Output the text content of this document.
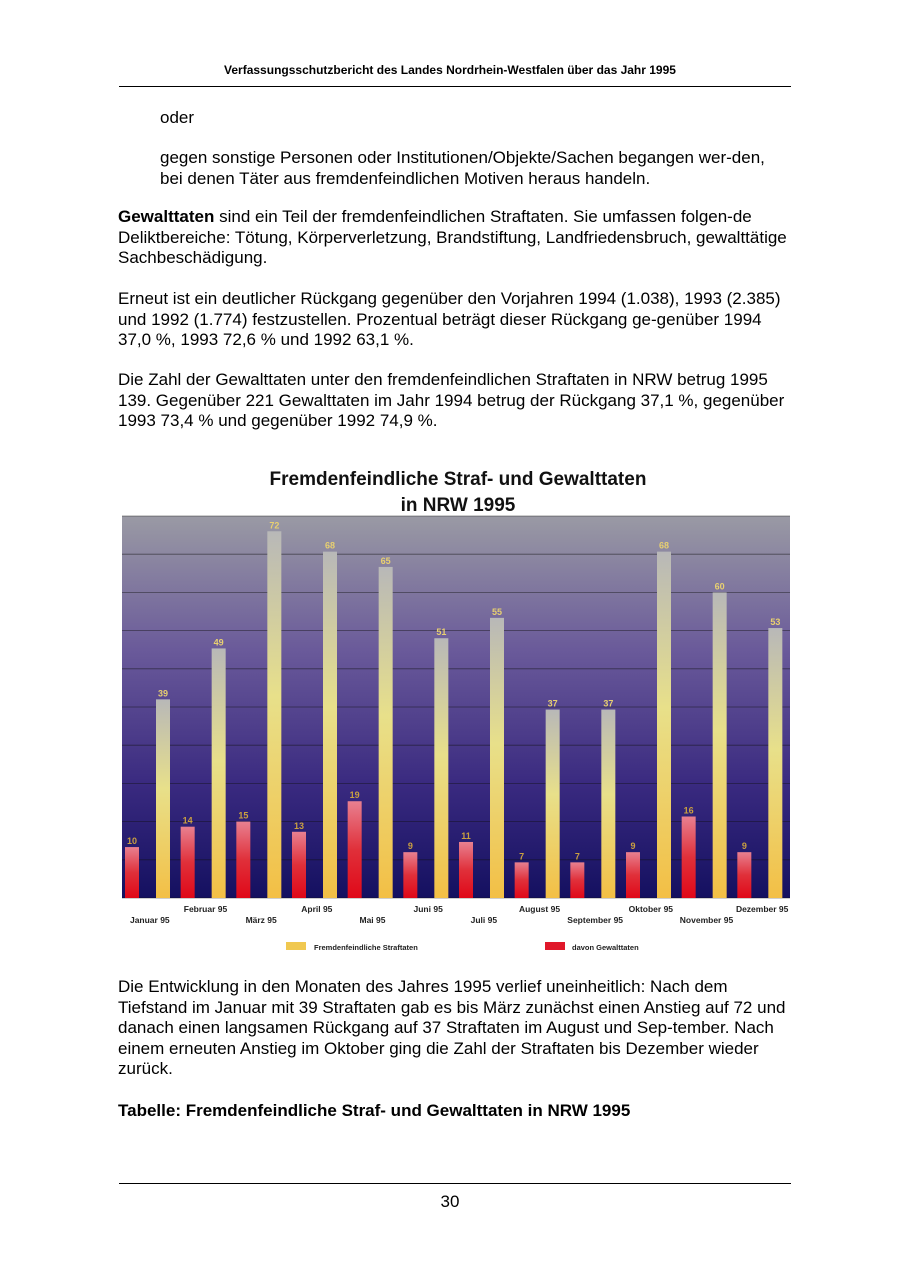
Verfassungsschutzbericht des Landes Nordrhein-Westfalen über das Jahr 1995
oder
gegen sonstige Personen oder Institutionen/Objekte/Sachen begangen wer-den, bei denen Täter aus fremdenfeindlichen Motiven heraus handeln.
Gewalttaten sind ein Teil der fremdenfeindlichen Straftaten. Sie umfassen folgen-de Deliktbereiche: Tötung, Körperverletzung, Brandstiftung, Landfriedensbruch, gewalttätige Sachbeschädigung.
Erneut ist ein deutlicher Rückgang gegenüber den Vorjahren 1994 (1.038), 1993 (2.385) und 1992 (1.774) festzustellen. Prozentual beträgt dieser Rückgang ge-genüber 1994 37,0 %, 1993 72,6 % und 1992 63,1 %.
Die Zahl der Gewalttaten unter den fremdenfeindlichen Straftaten in NRW betrug 1995 139. Gegenüber 221 Gewalttaten im Jahr 1994 betrug der Rückgang 37,1 %, gegenüber 1993 73,4 % und gegenüber 1992 74,9 %.
Fremdenfeindliche Straf- und Gewalttaten
in NRW 1995
10
39
Januar 95
14
49
Februar 95
15
72
März 95
13
68
April 95
19
65
Mai 95
9
51
Juni 95
11
55
Juli 95
7
37
August 95
7
37
September 95
9
68
Oktober 95
16
60
November 95
9
53
Dezember 95
Fremdenfeindliche Straftaten	davon Gewalttaten
Die Entwicklung in den Monaten des Jahres 1995 verlief uneinheitlich: Nach dem Tiefstand im Januar mit 39 Straftaten gab es bis März zunächst einen Anstieg auf 72 und danach einen langsamen Rückgang auf 37 Straftaten im August und Sep-tember. Nach einem erneuten Anstieg im Oktober ging die Zahl der Straftaten bis Dezember wieder zurück.
Tabelle: Fremdenfeindliche Straf- und Gewalttaten in NRW 1995
30
